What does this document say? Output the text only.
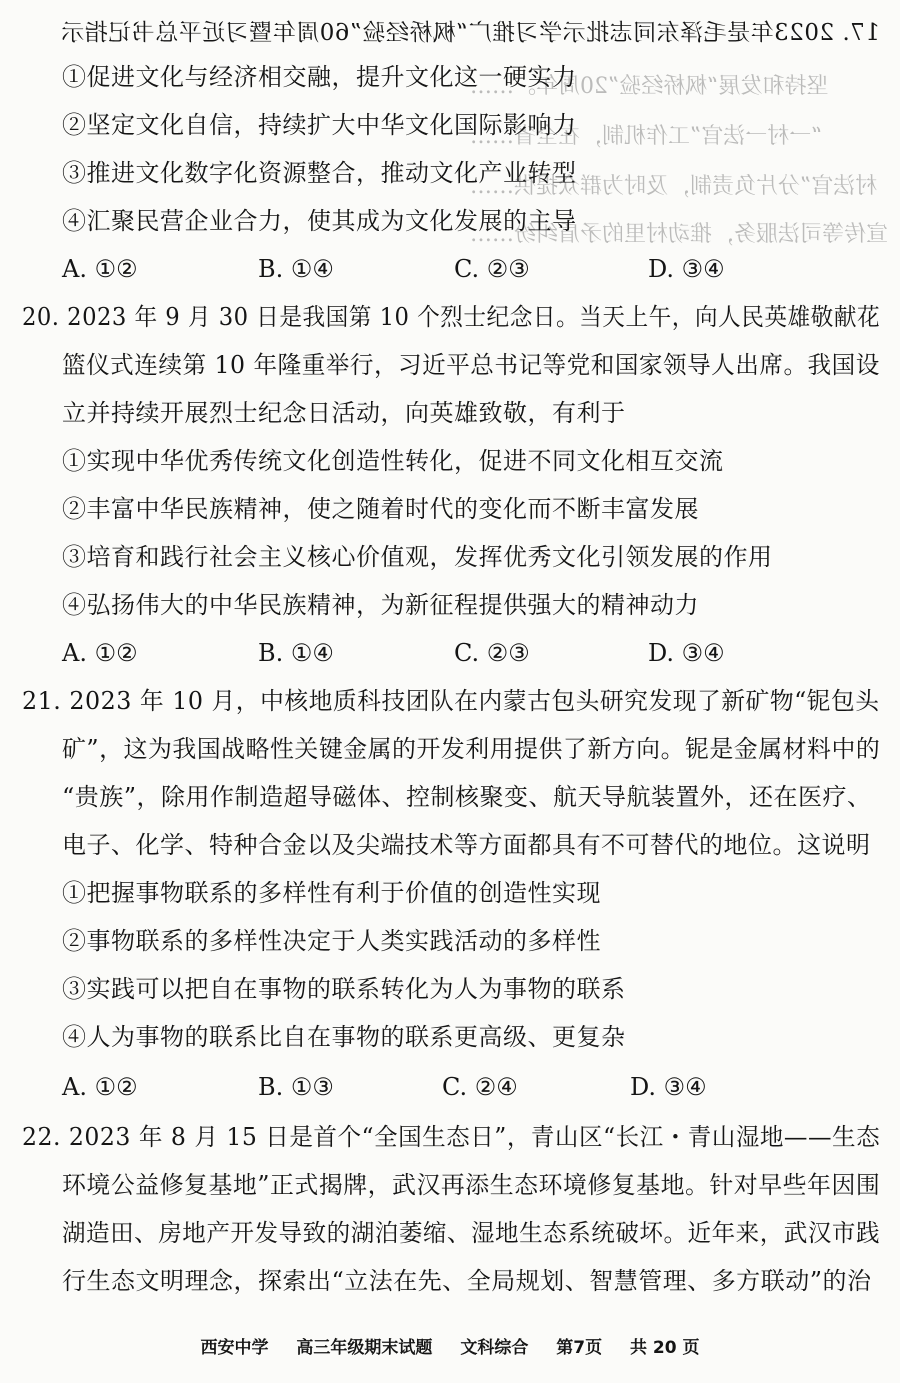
坚持和发展“枫桥经验”20周年。……
“一村一法官”工作机制，在全省……
村法官”分片负责制，及时为群众提供……
宣传等司法服务，推动村里的矛盾纠纷……
17. 2023年是毛泽东同志批示学习推广“枫桥经验”60周年暨习近平总书记指示
①促进文化与经济相交融，提升文化这一硬实力
②坚定文化自信，持续扩大中华文化国际影响力
③推进文化数字化资源整合，推动文化产业转型
④汇聚民营企业合力，使其成为文化发展的主导
A. ①②	B. ①④	C. ②③	D. ③④
20. 2023 年 9 月 30 日是我国第 10 个烈士纪念日。当天上午，向人民英雄敬献花
篮仪式连续第 10 年隆重举行，习近平总书记等党和国家领导人出席。我国设
立并持续开展烈士纪念日活动，向英雄致敬，有利于
①实现中华优秀传统文化创造性转化，促进不同文化相互交流
②丰富中华民族精神，使之随着时代的变化而不断丰富发展
③培育和践行社会主义核心价值观，发挥优秀文化引领发展的作用
④弘扬伟大的中华民族精神，为新征程提供强大的精神动力
A. ①②	B. ①④	C. ②③	D. ③④
21. 2023 年 10 月，中核地质科技团队在内蒙古包头研究发现了新矿物“铌包头
矿”，这为我国战略性关键金属的开发利用提供了新方向。铌是金属材料中的
“贵族”，除用作制造超导磁体、控制核聚变、航天导航装置外，还在医疗、
电子、化学、特种合金以及尖端技术等方面都具有不可替代的地位。这说明
①把握事物联系的多样性有利于价值的创造性实现
②事物联系的多样性决定于人类实践活动的多样性
③实践可以把自在事物的联系转化为人为事物的联系
④人为事物的联系比自在事物的联系更高级、更复杂
A. ①②	B. ①③	C. ②④	D. ③④
22. 2023 年 8 月 15 日是首个“全国生态日”，青山区“长江・青山湿地——生态
环境公益修复基地”正式揭牌，武汉再添生态环境修复基地。针对早些年因围
湖造田、房地产开发导致的湖泊萎缩、湿地生态系统破坏。近年来，武汉市践
行生态文明理念，探索出“立法在先、全局规划、智慧管理、多方联动”的治
西安中学 高三年级期末试题 文科综合 第7页 共 20 页
